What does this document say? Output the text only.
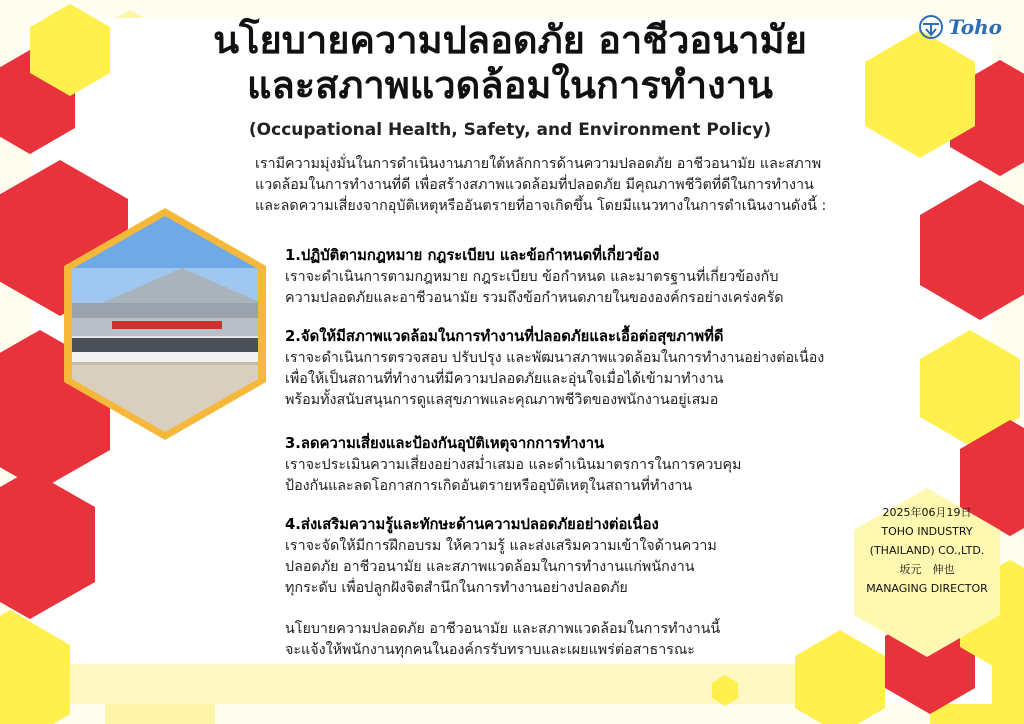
Toho
นโยบายความปลอดภัย อาชีวอนามัย
และสภาพแวดล้อมในการทำงาน
(Occupational Health, Safety, and Environment Policy)
เรามีความมุ่งมั่นในการดำเนินงานภายใต้หลักการด้านความปลอดภัย อาชีวอนามัย และสภาพ
แวดล้อมในการทำงานที่ดี เพื่อสร้างสภาพแวดล้อมที่ปลอดภัย มีคุณภาพชีวิตที่ดีในการทำงาน
และลดความเสี่ยงจากอุบัติเหตุหรืออันตรายที่อาจเกิดขึ้น โดยมีแนวทางในการดำเนินงานดังนี้ :
1.ปฏิบัติตามกฎหมาย กฎระเบียบ และข้อกำหนดที่เกี่ยวข้อง
เราจะดำเนินการตามกฎหมาย กฎระเบียบ ข้อกำหนด และมาตรฐานที่เกี่ยวข้องกับ
ความปลอดภัยและอาชีวอนามัย รวมถึงข้อกำหนดภายในขององค์กรอย่างเคร่งครัด
2.จัดให้มีสภาพแวดล้อมในการทำงานที่ปลอดภัยและเอื้อต่อสุขภาพที่ดี
เราจะดำเนินการตรวจสอบ ปรับปรุง และพัฒนาสภาพแวดล้อมในการทำงานอย่างต่อเนื่อง
เพื่อให้เป็นสถานที่ทำงานที่มีความปลอดภัยและอุ่นใจเมื่อได้เข้ามาทำงาน
พร้อมทั้งสนับสนุนการดูแลสุขภาพและคุณภาพชีวิตของพนักงานอยู่เสมอ
3.ลดความเสี่ยงและป้องกันอุบัติเหตุจากการทำงาน
เราจะประเมินความเสี่ยงอย่างสม่ำเสมอ และดำเนินมาตรการในการควบคุม
ป้องกันและลดโอกาสการเกิดอันตรายหรืออุบัติเหตุในสถานที่ทำงาน
4.ส่งเสริมความรู้และทักษะด้านความปลอดภัยอย่างต่อเนื่อง
เราจะจัดให้มีการฝึกอบรม ให้ความรู้ และส่งเสริมความเข้าใจด้านความ
ปลอดภัย อาชีวอนามัย และสภาพแวดล้อมในการทำงานแก่พนักงาน
ทุกระดับ เพื่อปลูกฝังจิตสำนึกในการทำงานอย่างปลอดภัย
นโยบายความปลอดภัย อาชีวอนามัย และสภาพแวดล้อมในการทำงานนี้
จะแจ้งให้พนักงานทุกคนในองค์กรรับทราบและเผยแพร่ต่อสาธารณะ
2025年06月19日
TOHO INDUSTRY
(THAILAND) CO.,LTD.
坂元　伸也
MANAGING DIRECTOR
